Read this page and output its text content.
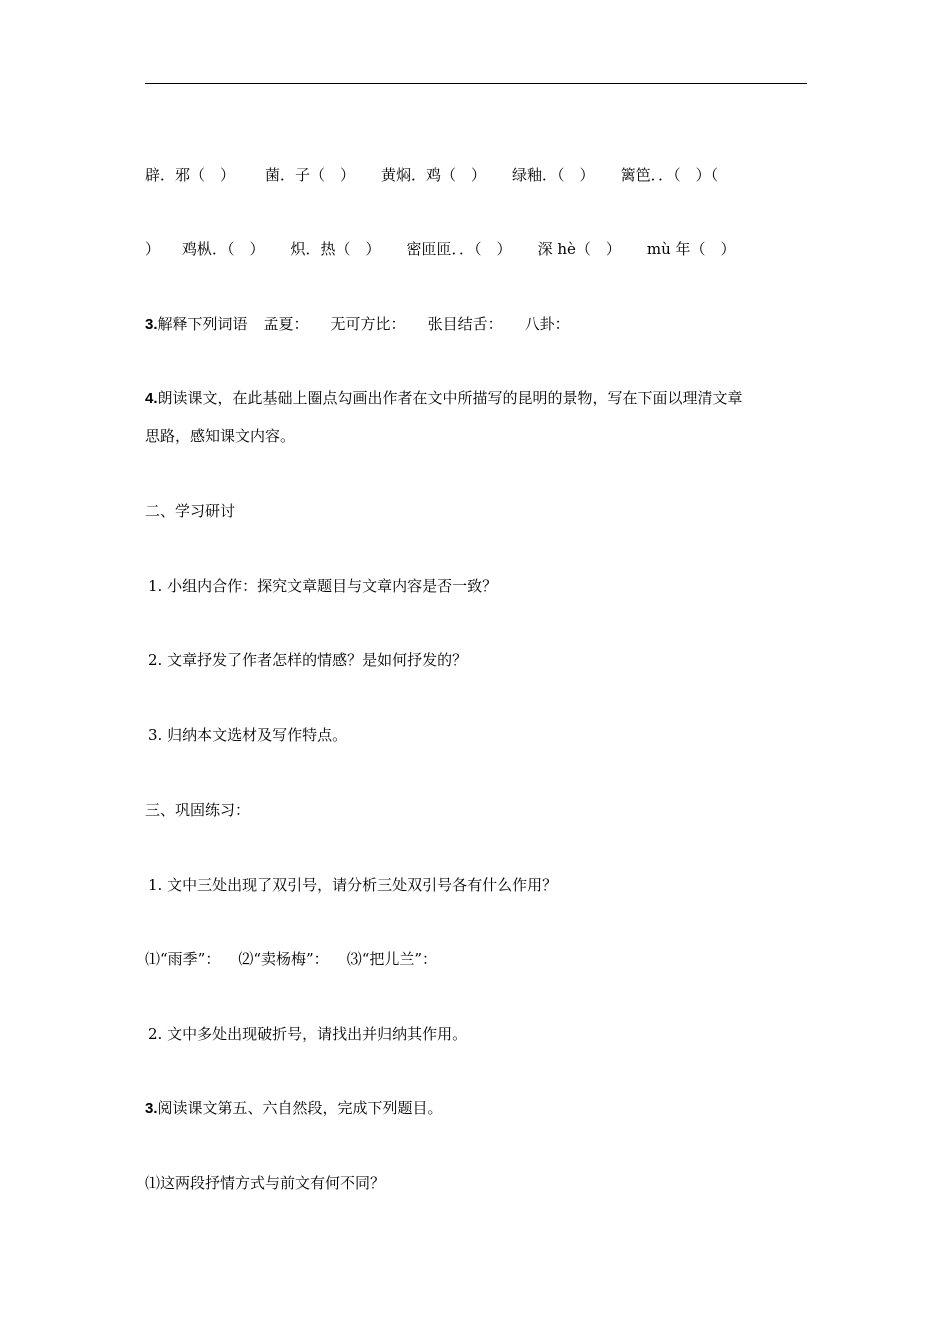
辟．邪（　） 菌．子（　） 黄焖．鸡（　） 绿釉．（　） 篱笆．．（　）（
） 鸡枞．（　） 炽．热（　） 密匝匝．．（　） 深 hè（　） mù 年（　）
3.解释下列词语 孟夏： 无可方比： 张目结舌： 八卦：
4.朗读课文，在此基础上圈点勾画出作者在文中所描写的昆明的景物，写在下面以理清文章
思路，感知课文内容。
二、学习研讨
1. 小组内合作：探究文章题目与文章内容是否一致？
2. 文章抒发了作者怎样的情感？是如何抒发的？
3. 归纳本文选材及写作特点。
三、巩固练习：
1. 文中三处出现了双引号，请分析三处双引号各有什么作用？
⑴“雨季”： ⑵“卖杨梅”： ⑶“把儿兰”：
2. 文中多处出现破折号，请找出并归纳其作用。
3.阅读课文第五、六自然段，完成下列题目。
⑴这两段抒情方式与前文有何不同？
